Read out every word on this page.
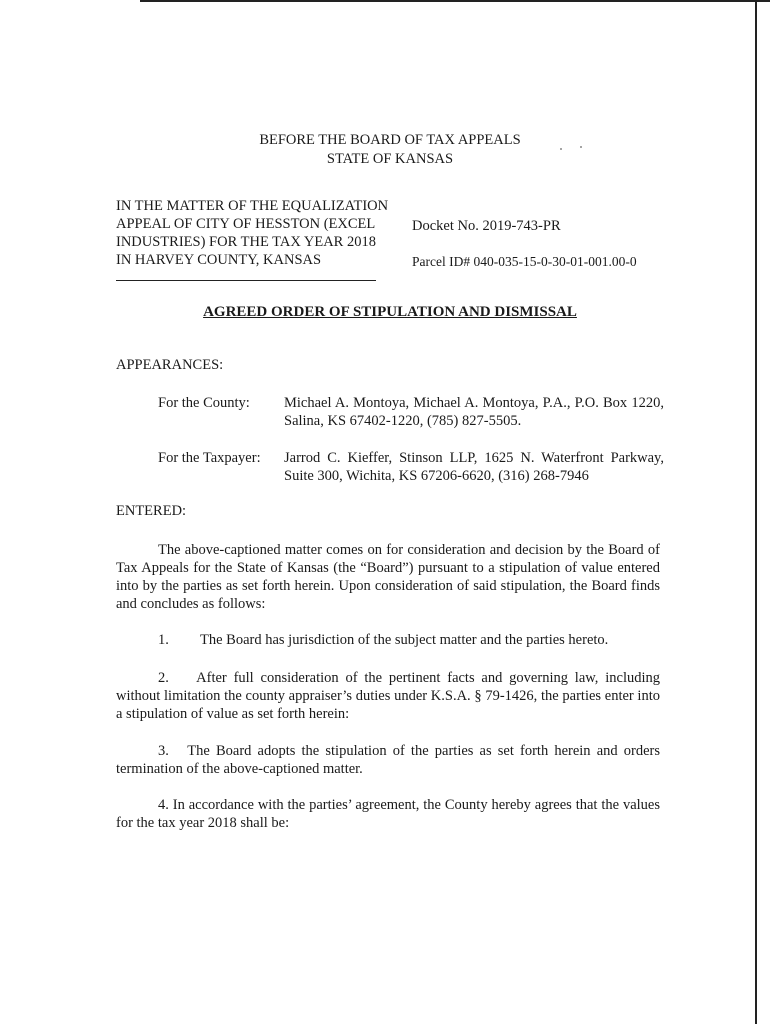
BEFORE THE BOARD OF TAX APPEALS
STATE OF KANSAS
IN THE MATTER OF THE EQUALIZATION
APPEAL OF CITY OF HESSTON (EXCEL
INDUSTRIES) FOR THE TAX YEAR 2018
IN HARVEY COUNTY, KANSAS
Docket No. 2019-743-PR
Parcel ID# 040-035-15-0-30-01-001.00-0
AGREED ORDER OF STIPULATION AND DISMISSAL
APPEARANCES:
For the County: Michael A. Montoya, Michael A. Montoya, P.A., P.O. Box 1220, Salina, KS 67402-1220, (785) 827-5505.
For the Taxpayer: Jarrod C. Kieffer, Stinson LLP, 1625 N. Waterfront Parkway, Suite 300, Wichita, KS 67206-6620, (316) 268-7946
ENTERED:
The above-captioned matter comes on for consideration and decision by the Board of Tax Appeals for the State of Kansas (the “Board”) pursuant to a stipulation of value entered into by the parties as set forth herein. Upon consideration of said stipulation, the Board finds and concludes as follows:
1. The Board has jurisdiction of the subject matter and the parties hereto.
2. After full consideration of the pertinent facts and governing law, including without limitation the county appraiser’s duties under K.S.A. § 79-1426, the parties enter into a stipulation of value as set forth herein:
3. The Board adopts the stipulation of the parties as set forth herein and orders termination of the above-captioned matter.
4. In accordance with the parties’ agreement, the County hereby agrees that the values for the tax year 2018 shall be:
